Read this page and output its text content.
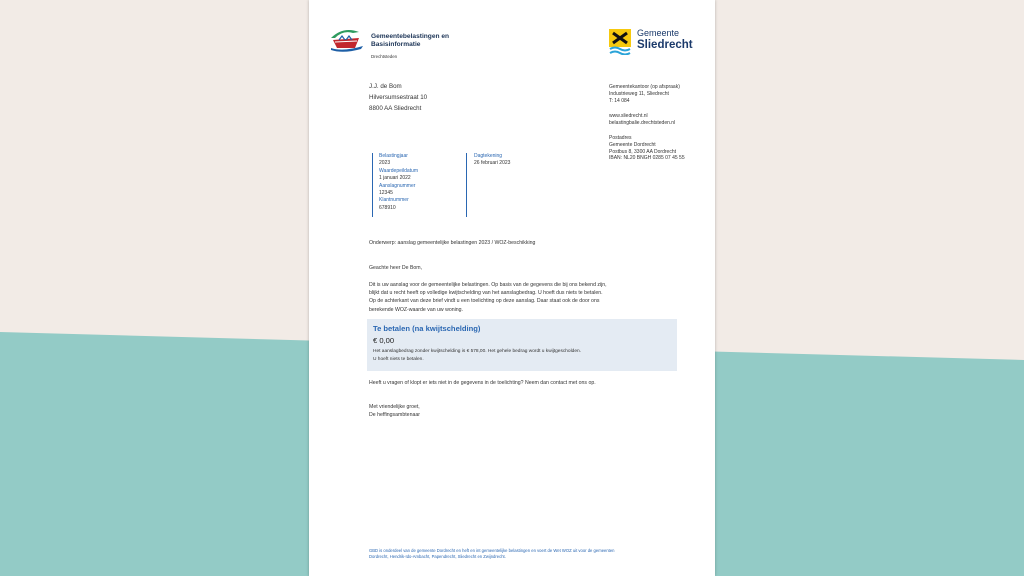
Gemeentebelastingen en
Basisinformatie
Drechtsteden
Gemeente
Sliedrecht
J.J. de Bom
Hilversumsestraat 10
8800 AA Sliedrecht
Gemeentekantoor (op afspraak)
Industrieweg 11, Sliedrecht
T: 14 084
www.sliedrecht.nl
belastingbalie.drechtsteden.nl
Postadres
Gemeente Dordrecht
Postbus 8, 3300 AA Dordrecht
IBAN: NL20 BNGH 0285 07 45 55
Belastingjaar
2023
Waardepeildatum
1 januari 2022
Aanslagnummer
12345
Klantnummer
678910
Dagtekening
26 februari 2023
Onderwerp: aanslag gemeentelijke belastingen 2023 / WOZ-beschikking
Geachte heer De Bom,
Dit is uw aanslag voor de gemeentelijke belastingen. Op basis van de gegevens die bij ons bekend zijn,
blijkt dat u recht heeft op volledige kwijtschelding van het aanslagbedrag. U hoeft dus niets te betalen.
Op de achterkant van deze brief vindt u een toelichting op deze aanslag. Daar staat ook de door ons
berekende WOZ-waarde van uw woning.
Te betalen (na kwijtschelding)
€ 0,00
Het aanslagbedrag zonder kwijtschelding is € 578,00. Het gehele bedrag wordt u kwijtgescholden.
U hoeft niets te betalen.
Heeft u vragen of klopt er iets niet in de gegevens in de toelichting? Neem dan contact met ons op.
Met vriendelijke groet,
De heffingsambtenaar
GBD is onderdeel van de gemeente Dordrecht en heft en int gemeentelijke belastingen en voert de Wet WOZ uit voor de gemeenten
Dordrecht, Hendrik-Ido-Ambacht, Papendrecht, Sliedrecht en Zwijndrecht.
